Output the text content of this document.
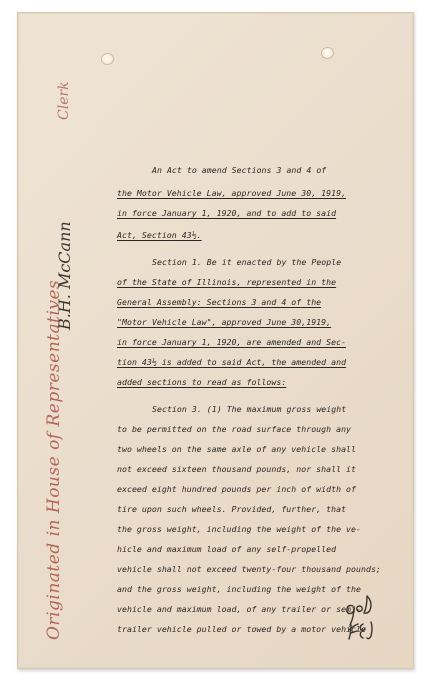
An Act to amend Sections 3 and 4 of

the Motor Vehicle Law, approved June 30, 1919,

in force January 1, 1920, and to add to said

Act, Section 43½.

Section 1. Be it enacted by the People

of the State of Illinois, represented in the

General Assembly: Sections 3 and 4 of the

"Motor Vehicle Law", approved June 30,1919,

in force January 1, 1920, are amended and Sec-

tion 43½ is added to said Act, the amended and

added sections to read as follows:

Section 3. (1) The maximum gross weight

to be permitted on the road surface through any

two wheels on the same axle of any vehicle shall

not exceed sixteen thousand pounds, nor shall it

exceed eight hundred pounds per inch of width of

tire upon such wheels. Provided, further, that

the gross weight, including the weight of the ve-

hicle and maximum load of any self-propelled

vehicle shall not exceed twenty-four thousand pounds;

and the gross weight, including the weight of the

vehicle and maximum load, of any trailer or semi-

trailer vehicle pulled or towed by a motor vehicle

Originated in House of Representatives
B.H. McCann
Clerk
